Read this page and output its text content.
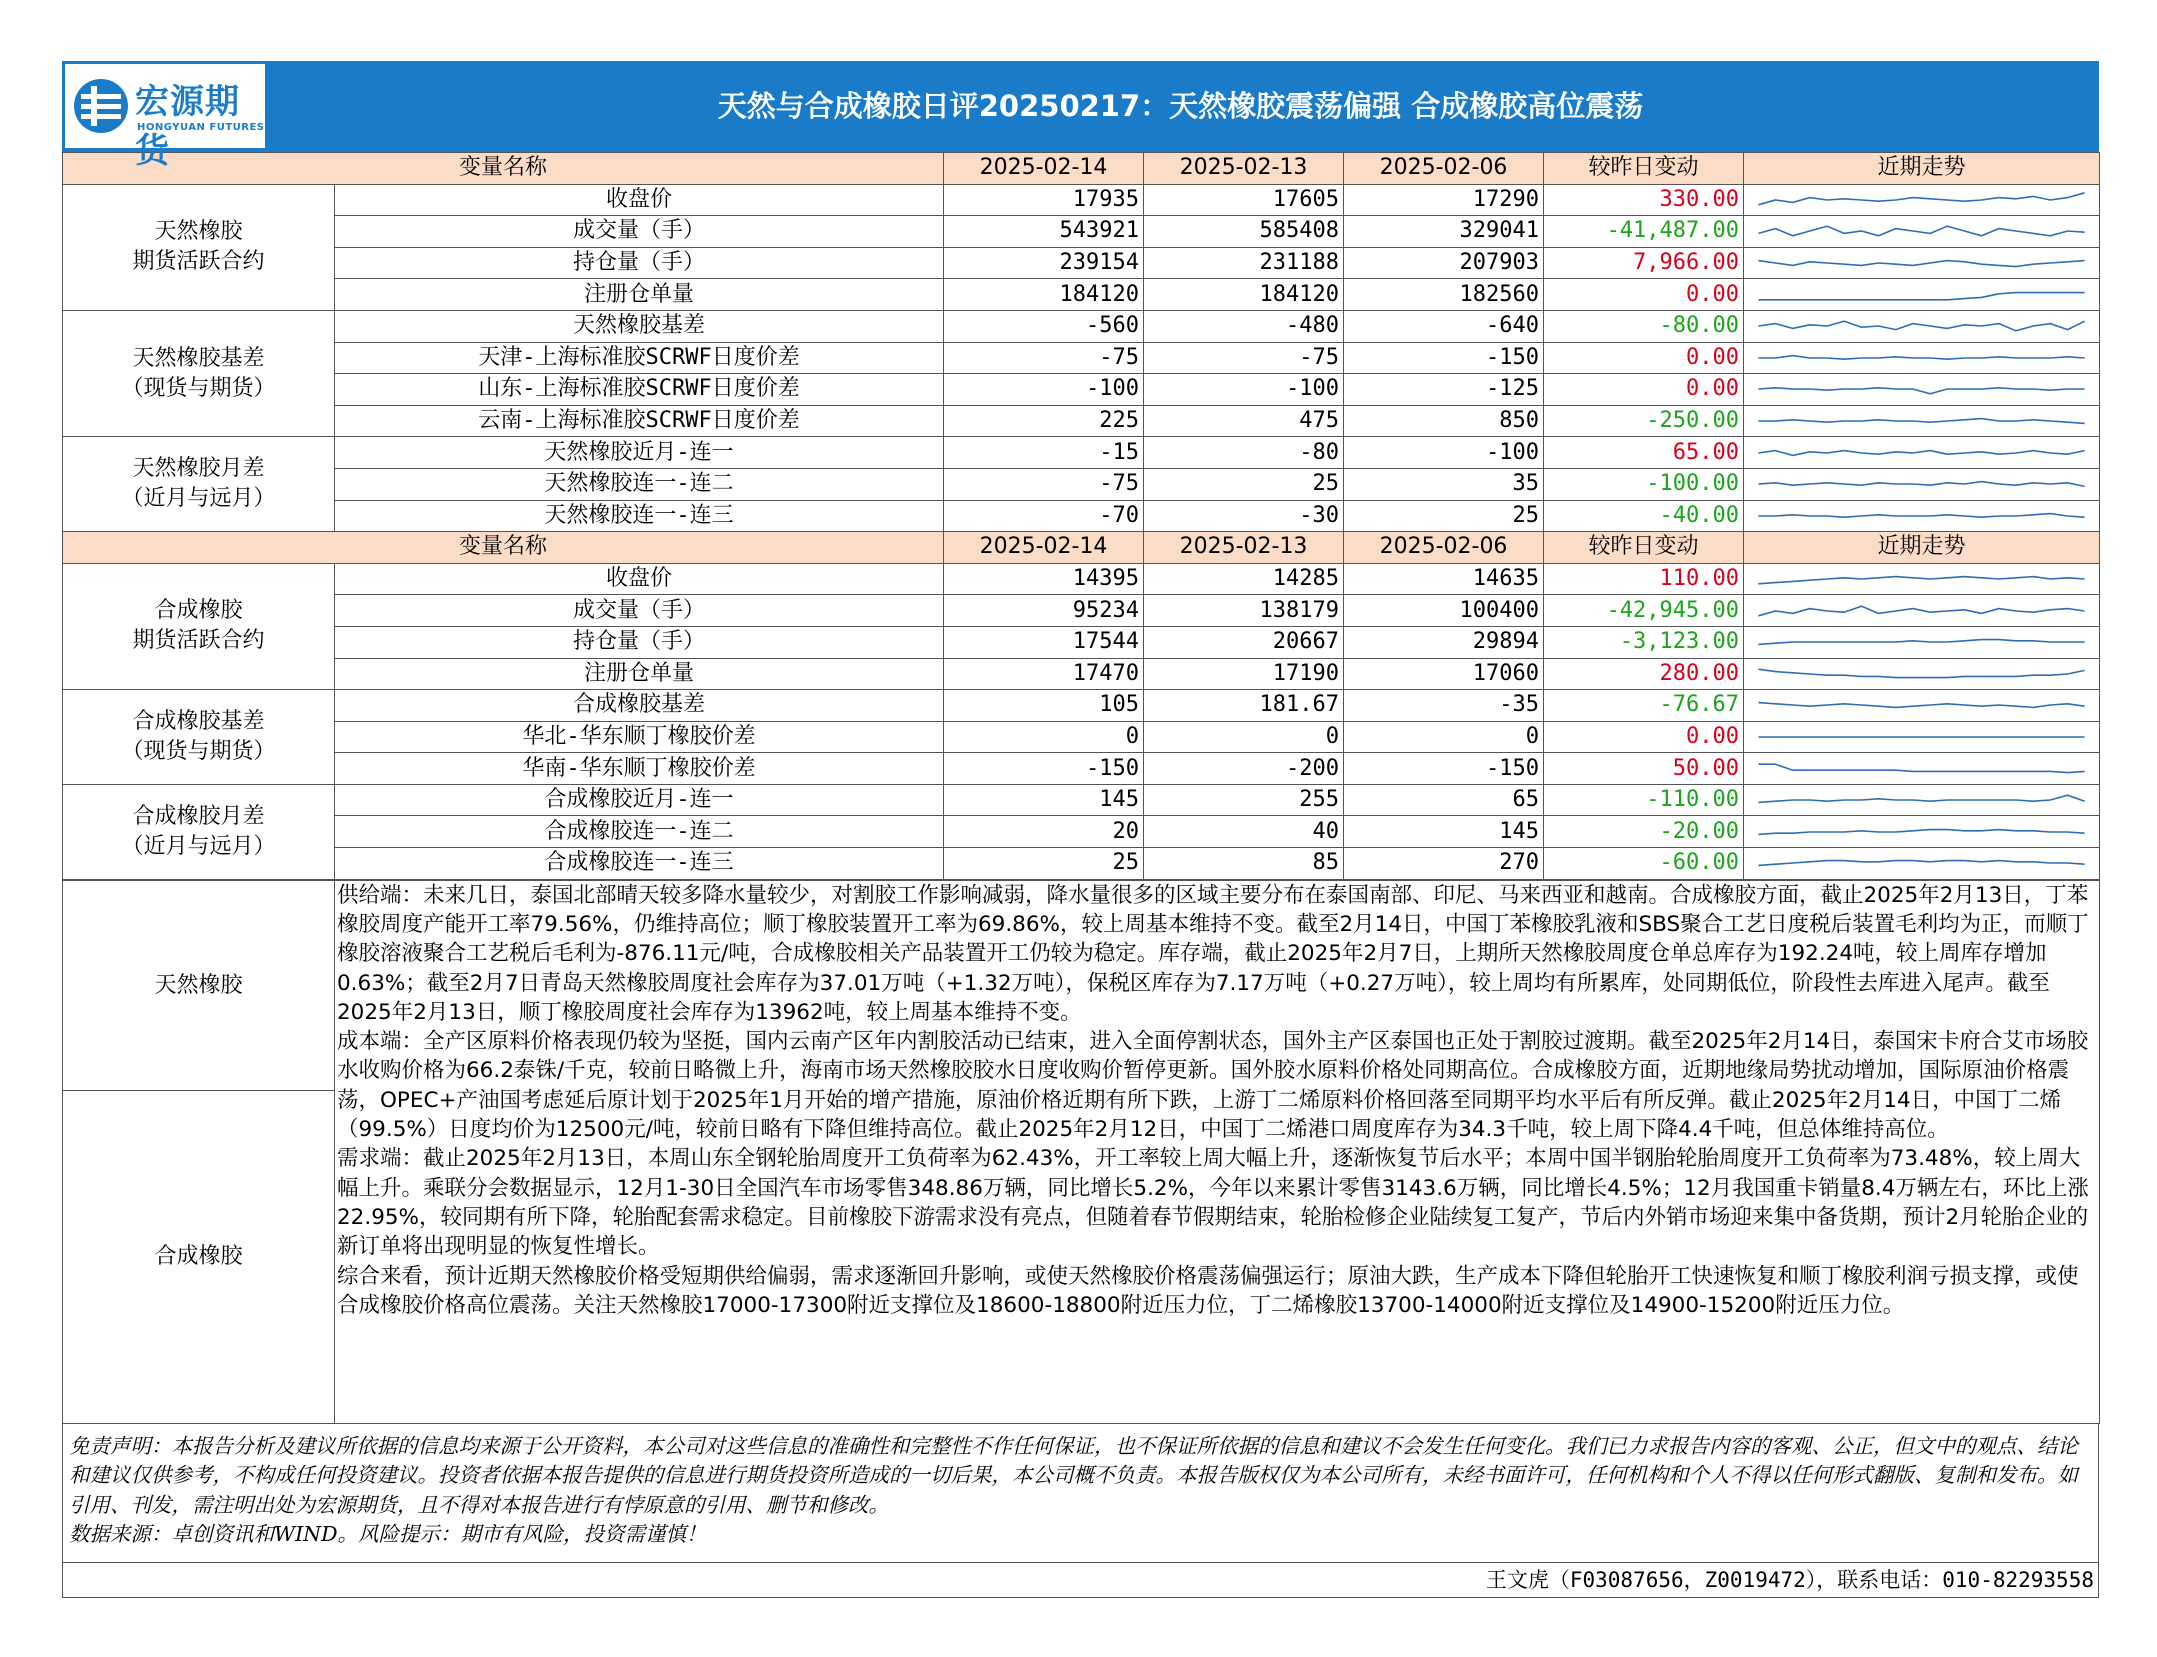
宏源期货
HONGYUAN FUTURES
天然与合成橡胶日评20250217：天然橡胶震荡偏强 合成橡胶高位震荡
变量名称		2025-02-14	2025-02-13	2025-02-06	较昨日变动	近期走势
天然橡胶
期货活跃合约	收盘价	17935	17605	17290	330.00	

	成交量（手）	543921	585408	329041	-41,487.00	

	持仓量（手）	239154	231188	207903	7,966.00	

	注册仓单量	184120	184120	182560	0.00	

天然橡胶基差
（现货与期货）	天然橡胶基差	-560	-480	-640	-80.00	

	天津-上海标准胶SCRWF日度价差	-75	-75	-150	0.00	

	山东-上海标准胶SCRWF日度价差	-100	-100	-125	0.00	

	云南-上海标准胶SCRWF日度价差	225	475	850	-250.00	

天然橡胶月差
（近月与远月）	天然橡胶近月-连一	-15	-80	-100	65.00	

	天然橡胶连一-连二	-75	25	35	-100.00	

	天然橡胶连一-连三	-70	-30	25	-40.00	

变量名称		2025-02-14	2025-02-13	2025-02-06	较昨日变动	近期走势
合成橡胶
期货活跃合约	收盘价	14395	14285	14635	110.00	

	成交量（手）	95234	138179	100400	-42,945.00	

	持仓量（手）	17544	20667	29894	-3,123.00	

	注册仓单量	17470	17190	17060	280.00	

合成橡胶基差
（现货与期货）	合成橡胶基差	105	181.67	-35	-76.67	

	华北-华东顺丁橡胶价差	0	0	0	0.00	

	华南-华东顺丁橡胶价差	-150	-200	-150	50.00	

合成橡胶月差
（近月与远月）	合成橡胶近月-连一	145	255	65	-110.00	

	合成橡胶连一-连二	20	40	145	-20.00	

	合成橡胶连一-连三	25	85	270	-60.00	
天然橡胶	
供给端：未来几日，泰国北部晴天较多降水量较少，对割胶工作影响减弱，降水量很多的区域主要分布在泰国南部、印尼、马来西亚和越南。合成橡胶方面，截止2025年2月13日，丁苯橡胶周度产能开工率79.56%，仍维持高位；顺丁橡胶装置开工率为69.86%，较上周基本维持不变。截至2月14日，中国丁苯橡胶乳液和SBS聚合工艺日度税后装置毛利均为正，而顺丁橡胶溶液聚合工艺税后毛利为-876.11元/吨，合成橡胶相关产品装置开工仍较为稳定。库存端，截止2025年2月7日，上期所天然橡胶周度仓单总库存为192.24吨，较上周库存增加0.63%；截至2月7日青岛天然橡胶周度社会库存为37.01万吨（+1.32万吨），保税区库存为7.17万吨（+0.27万吨），较上周均有所累库，处同期低位，阶段性去库进入尾声。截至2025年2月13日，顺丁橡胶周度社会库存为13962吨，较上周基本维持不变。
成本端：全产区原料价格表现仍较为坚挺，国内云南产区年内割胶活动已结束，进入全面停割状态，国外主产区泰国也正处于割胶过渡期。截至2025年2月14日，泰国宋卡府合艾市场胶水收购价格为66.2泰铢/千克，较前日略微上升，海南市场天然橡胶胶水日度收购价暂停更新。国外胶水原料价格处同期高位。合成橡胶方面，近期地缘局势扰动增加，国际原油价格震荡，OPEC+产油国考虑延后原计划于2025年1月开始的增产措施，原油价格近期有所下跌，上游丁二烯原料价格回落至同期平均水平后有所反弹。截止2025年2月14日，中国丁二烯（99.5%）日度均价为12500元/吨，较前日略有下降但维持高位。截止2025年2月12日，中国丁二烯港口周度库存为34.3千吨，较上周下降4.4千吨，但总体维持高位。
需求端：截止2025年2月13日，本周山东全钢轮胎周度开工负荷率为62.43%，开工率较上周大幅上升，逐渐恢复节后水平；本周中国半钢胎轮胎周度开工负荷率为73.48%，较上周大幅上升。乘联分会数据显示，12月1-30日全国汽车市场零售348.86万辆，同比增长5.2%，今年以来累计零售3143.6万辆，同比增长4.5%；12月我国重卡销量8.4万辆左右，环比上涨22.95%，较同期有所下降，轮胎配套需求稳定。目前橡胶下游需求没有亮点，但随着春节假期结束，轮胎检修企业陆续复工复产，节后内外销市场迎来集中备货期，预计2月轮胎企业的新订单将出现明显的恢复性增长。
综合来看，预计近期天然橡胶价格受短期供给偏弱，需求逐渐回升影响，或使天然橡胶价格震荡偏强运行；原油大跌，生产成本下降但轮胎开工快速恢复和顺丁橡胶利润亏损支撑，或使合成橡胶价格高位震荡。关注天然橡胶17000-17300附近支撑位及18600-18800附近压力位，丁二烯橡胶13700-14000附近支撑位及14900-15200附近压力位。

合成橡胶
免责声明：本报告分析及建议所依据的信息均来源于公开资料，本公司对这些信息的准确性和完整性不作任何保证，也不保证所依据的信息和建议不会发生任何变化。我们已力求报告内容的客观、公正，但文中的观点、结论和建议仅供参考，不构成任何投资建议。投资者依据本报告提供的信息进行期货投资所造成的一切后果，本公司概不负责。本报告版权仅为本公司所有，未经书面许可，任何机构和个人不得以任何形式翻版、复制和发布。如引用、刊发，需注明出处为宏源期货，且不得对本报告进行有悖原意的引用、删节和修改。
数据来源：卓创资讯和WIND。风险提示：期市有风险，投资需谨慎！
王文虎（F03087656，Z0019472），联系电话：010-82293558
